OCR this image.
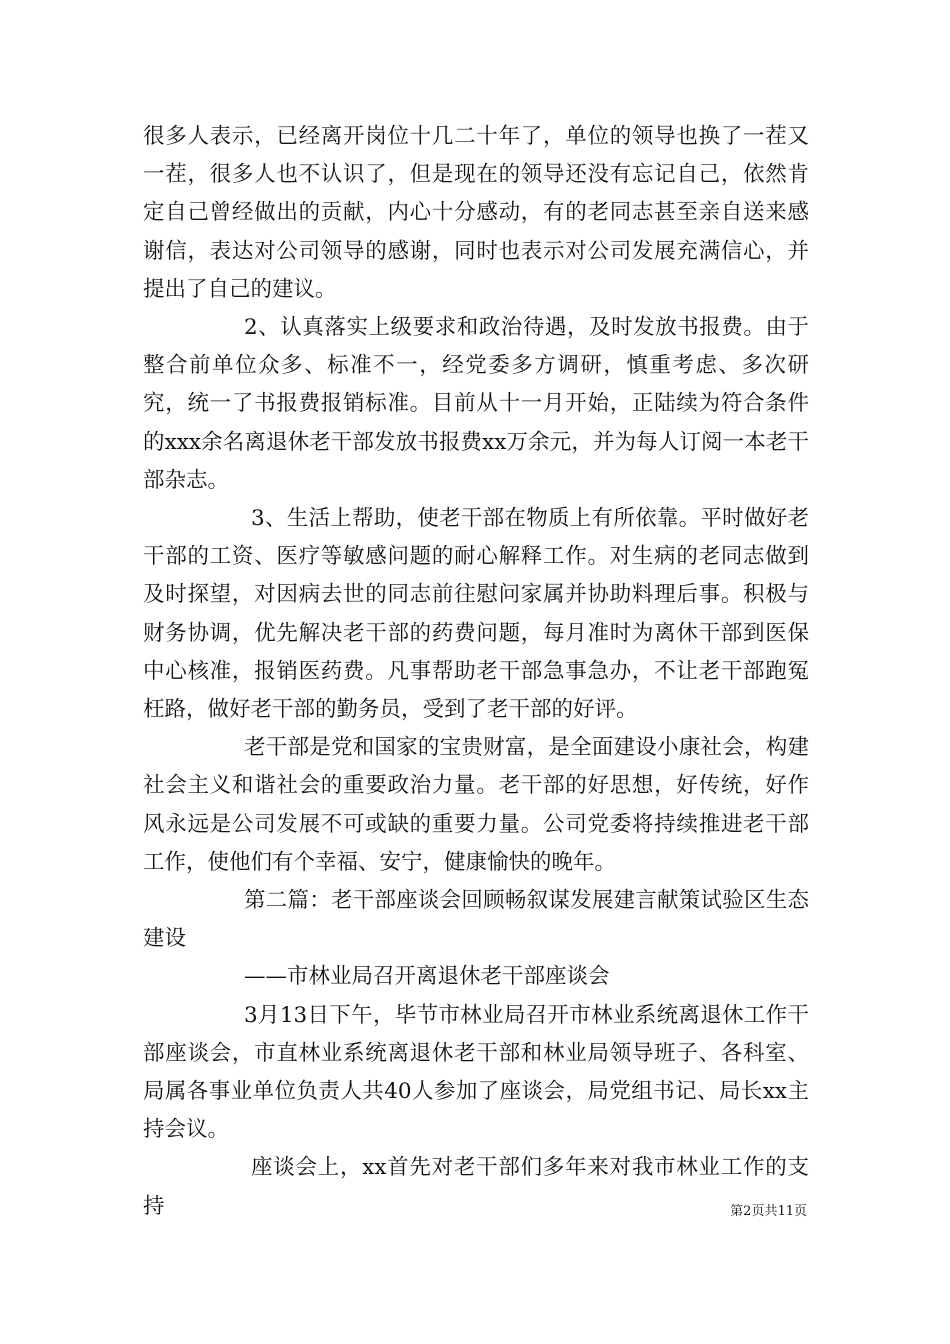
很多人表示，已经离开岗位十几二十年了，单位的领导也换了一茬又一茬，很多人也不认识了，但是现在的领导还没有忘记自己，依然肯定自己曾经做出的贡献，内心十分感动，有的老同志甚至亲自送来感谢信，表达对公司领导的感谢，同时也表示对公司发展充满信心，并提出了自己的建议。

2、认真落实上级要求和政治待遇，及时发放书报费。由于整合前单位众多、标准不一，经党委多方调研，慎重考虑、多次研究，统一了书报费报销标准。目前从十一月开始，正陆续为符合条件的xxx余名离退休老干部发放书报费xx万余元，并为每人订阅一本老干部杂志。

3、生活上帮助，使老干部在物质上有所依靠。平时做好老干部的工资、医疗等敏感问题的耐心解释工作。对生病的老同志做到及时探望，对因病去世的同志前往慰问家属并协助料理后事。积极与财务协调，优先解决老干部的药费问题，每月准时为离休干部到医保中心核准，报销医药费。凡事帮助老干部急事急办，不让老干部跑冤枉路，做好老干部的勤务员，受到了老干部的好评。

老干部是党和国家的宝贵财富，是全面建设小康社会，构建社会主义和谐社会的重要政治力量。老干部的好思想，好传统，好作风永远是公司发展不可或缺的重要力量。公司党委将持续推进老干部工作，使他们有个幸福、安宁，健康愉快的晚年。

第二篇：老干部座谈会回顾畅叙谋发展建言献策试验区生态建设

——市林业局召开离退休老干部座谈会

3月13日下午，毕节市林业局召开市林业系统离退休工作干部座谈会，市直林业系统离退休老干部和林业局领导班子、各科室、局属各事业单位负责人共40人参加了座谈会，局党组书记、局长xx主持会议。

座谈会上，xx首先对老干部们多年来对我市林业工作的支持	第2页共11页
